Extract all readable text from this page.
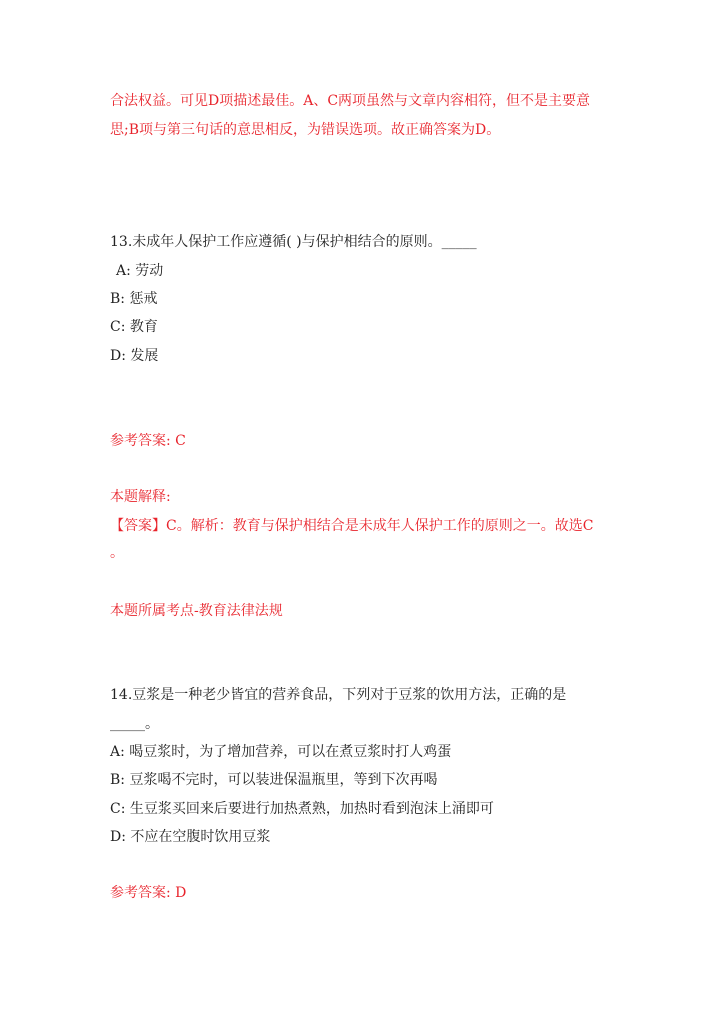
合法权益。可见D项描述最佳。A、C两项虽然与文章内容相符，但不是主要意
思;B项与第三句话的意思相反，为错误选项。故正确答案为D。
13.未成年人保护工作应遵循( )与保护相结合的原则。_____
A: 劳动
B: 惩戒
C: 教育
D: 发展
参考答案: C
本题解释:
【答案】C。解析：教育与保护相结合是未成年人保护工作的原则之一。故选C
。
本题所属考点-教育法律法规
14.豆浆是一种老少皆宜的营养食品，下列对于豆浆的饮用方法，正确的是
_____。
A: 喝豆浆时，为了增加营养，可以在煮豆浆时打人鸡蛋
B: 豆浆喝不完时，可以装进保温瓶里，等到下次再喝
C: 生豆浆买回来后要进行加热煮熟，加热时看到泡沫上涌即可
D: 不应在空腹时饮用豆浆
参考答案: D
